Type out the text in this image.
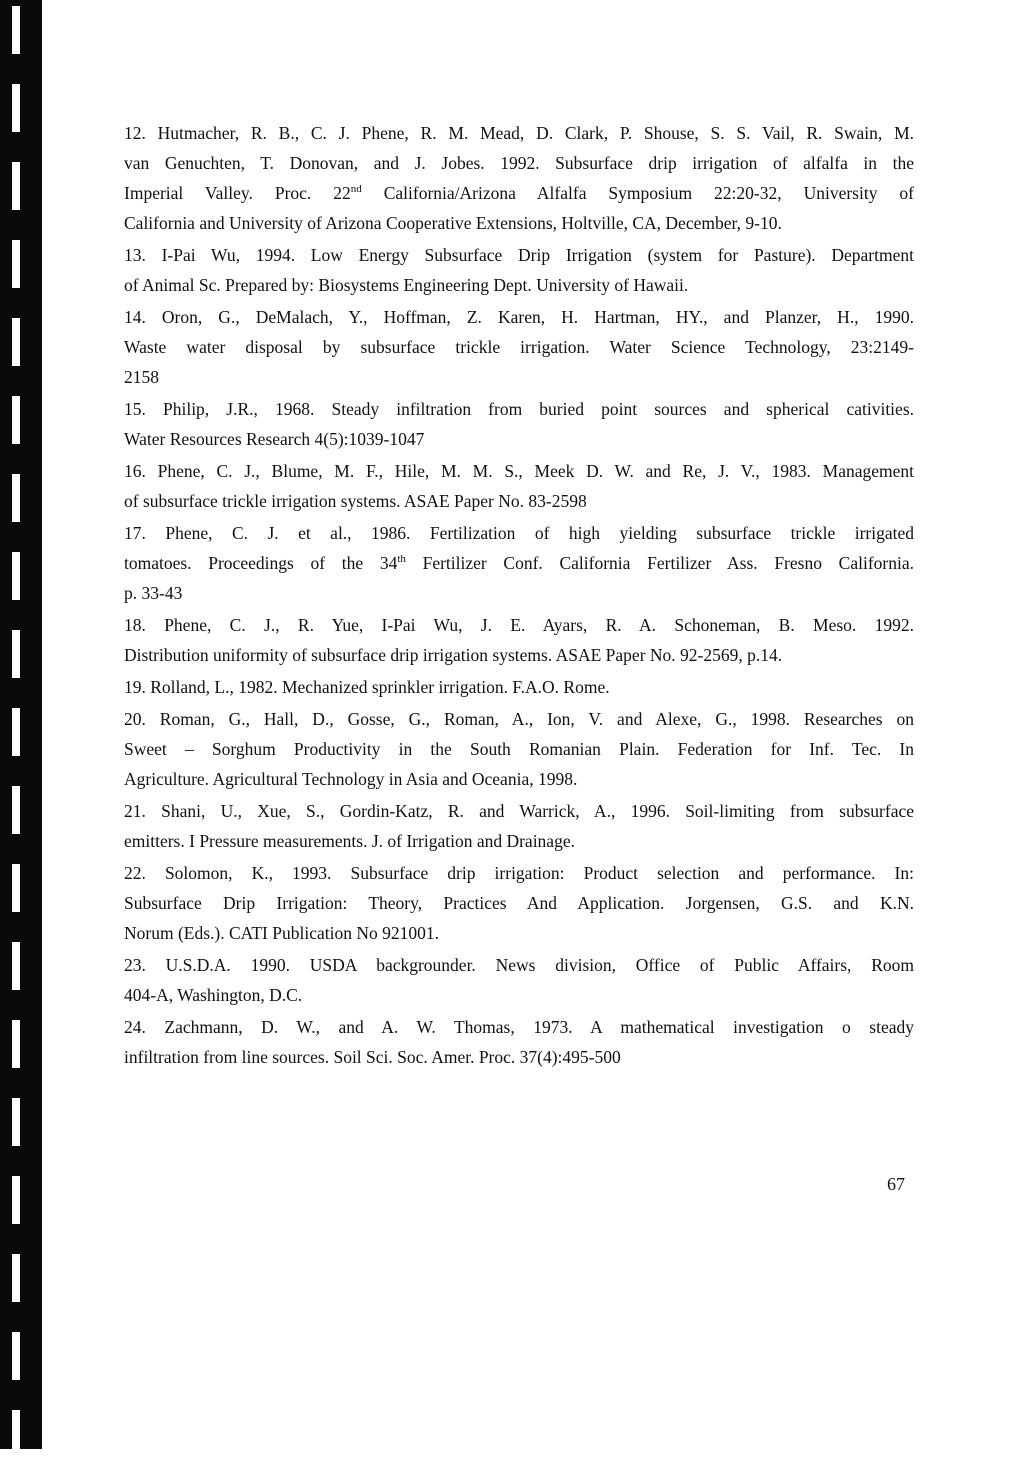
12. Hutmacher, R. B., C. J. Phene, R. M. Mead, D. Clark, P. Shouse, S. S. Vail, R. Swain, M.
van Genuchten, T. Donovan, and J. Jobes. 1992. Subsurface drip irrigation of alfalfa in the
Imperial Valley. Proc. 22nd California/Arizona Alfalfa Symposium 22:20-32, University of
California and University of Arizona Cooperative Extensions, Holtville, CA, December, 9-10.
13. I-Pai Wu, 1994. Low Energy Subsurface Drip Irrigation (system for Pasture). Department
of Animal Sc. Prepared by: Biosystems Engineering Dept. University of Hawaii.
14. Oron, G., DeMalach, Y., Hoffman, Z. Karen, H. Hartman, HY., and Planzer, H., 1990.
Waste water disposal by subsurface trickle irrigation. Water Science Technology, 23:2149-
2158
15. Philip, J.R., 1968. Steady infiltration from buried point sources and spherical cativities.
Water Resources Research 4(5):1039-1047
16. Phene, C. J., Blume, M. F., Hile, M. M. S., Meek D. W. and Re, J. V., 1983. Management
of subsurface trickle irrigation systems. ASAE Paper No. 83-2598
17. Phene, C. J. et al., 1986. Fertilization of high yielding subsurface trickle irrigated
tomatoes. Proceedings of the 34th Fertilizer Conf. California Fertilizer Ass. Fresno California.
p. 33-43
18. Phene, C. J., R. Yue, I-Pai Wu, J. E. Ayars, R. A. Schoneman, B. Meso. 1992.
Distribution uniformity of subsurface drip irrigation systems. ASAE Paper No. 92-2569, p.14.
19. Rolland, L., 1982. Mechanized sprinkler irrigation. F.A.O. Rome.
20. Roman, G., Hall, D., Gosse, G., Roman, A., Ion, V. and Alexe, G., 1998. Researches on
Sweet – Sorghum Productivity in the South Romanian Plain. Federation for Inf. Tec. In
Agriculture. Agricultural Technology in Asia and Oceania, 1998.
21. Shani, U., Xue, S., Gordin-Katz, R. and Warrick, A., 1996. Soil-limiting from subsurface
emitters. I Pressure measurements. J. of Irrigation and Drainage.
22. Solomon, K., 1993. Subsurface drip irrigation: Product selection and performance. In:
Subsurface Drip Irrigation: Theory, Practices And Application. Jorgensen, G.S. and K.N.
Norum (Eds.). CATI Publication No 921001.
23. U.S.D.A. 1990. USDA backgrounder. News division, Office of Public Affairs, Room
404-A, Washington, D.C.
24. Zachmann, D. W., and A. W. Thomas, 1973. A mathematical investigation o steady
infiltration from line sources. Soil Sci. Soc. Amer. Proc. 37(4):495-500
67
